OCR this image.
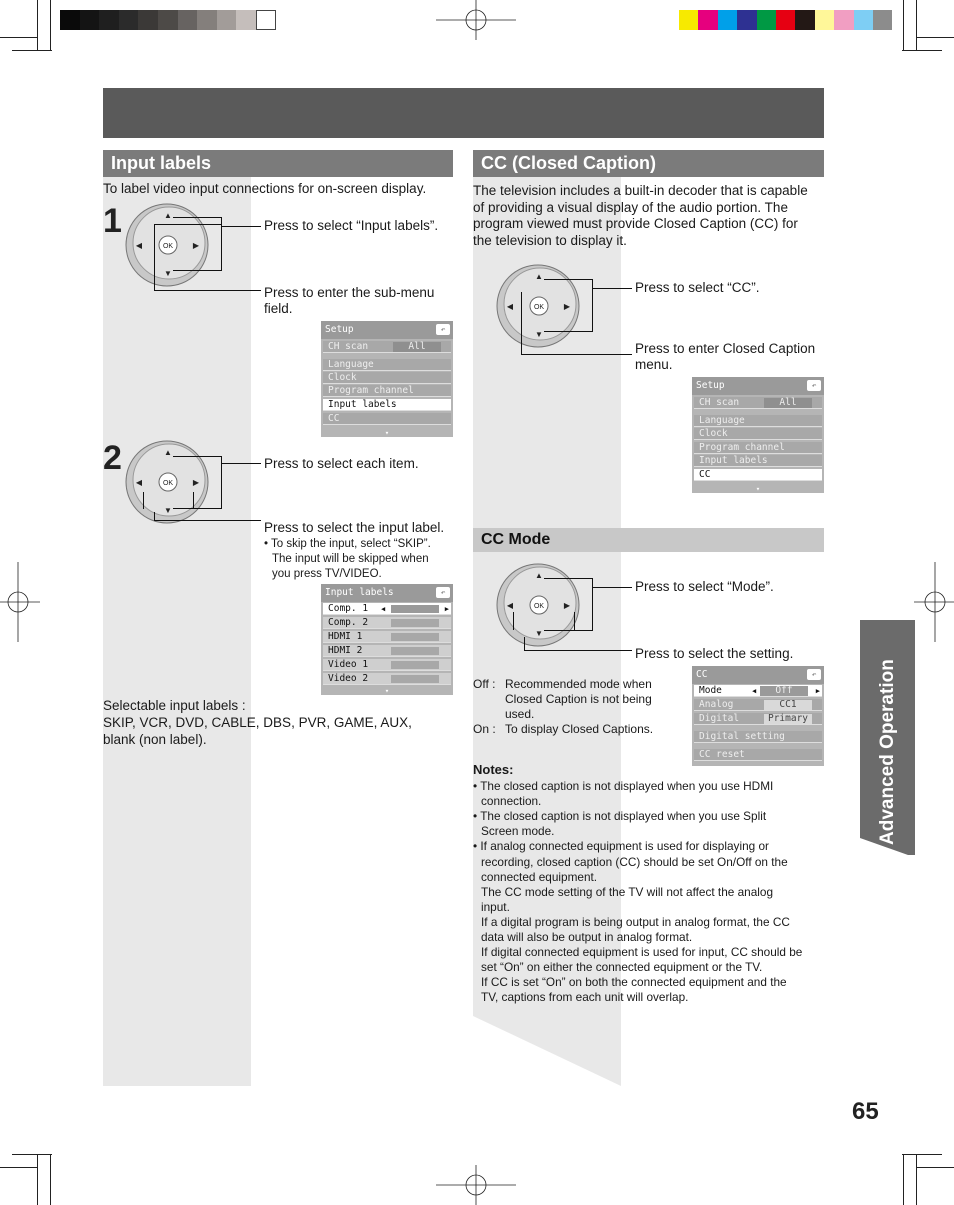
Input labels
To label video input connections for on-screen display.
1
OK
▲
▼
◀	▶
Press to select “Input labels”.
Press to enter the sub-menu
field.
Setup	↶
CH scan	All
Language
Clock
Program channel
Input labels
CC
▾
2
OK
▲
▼
◀	▶
Press to select each item.
Press to select the input label.
• To skip the input, select “SKIP”.
The input will be skipped when
you press TV/VIDEO.
Input labels	↶
Comp. 1 ◀	▶
Comp. 2
HDMI 1
HDMI 2
Video 1
Video 2
▾
Selectable input labels :
SKIP, VCR, DVD, CABLE, DBS, PVR, GAME, AUX,
blank (non label).
CC (Closed Caption)
The television includes a built-in decoder that is capable
of providing a visual display of the audio portion. The
program viewed must provide Closed Caption (CC) for
the television to display it.
OK
▲
▼
◀	▶
Press to select “CC”.
Press to enter Closed Caption
menu.
Setup	↶
CH scan	All
Language
Clock
Program channel
Input labels
CC
▾
CC Mode
OK
▲
▼
◀	▶
Press to select “Mode”.
Press to select the setting.
Off : Recommended mode when
Closed Caption is not being
used.
On : To display Closed Captions.
CC	↶
Mode	◀	Off	▶
Analog	CC1
Digital	Primary
Digital setting
CC reset
Notes:
• The closed caption is not displayed when you use HDMI
connection.
• The closed caption is not displayed when you use Split
Screen mode.
• If analog connected equipment is used for displaying or
recording, closed caption (CC) should be set On/Off on the
connected equipment.
The CC mode setting of the TV will not affect the analog
input.
If a digital program is being output in analog format, the CC
data will also be output in analog format.
If digital connected equipment is used for input, CC should be
set “On” on either the connected equipment or the TV.
If CC is set “On” on both the connected equipment and the
TV, captions from each unit will overlap.
Advanced Operation
65
